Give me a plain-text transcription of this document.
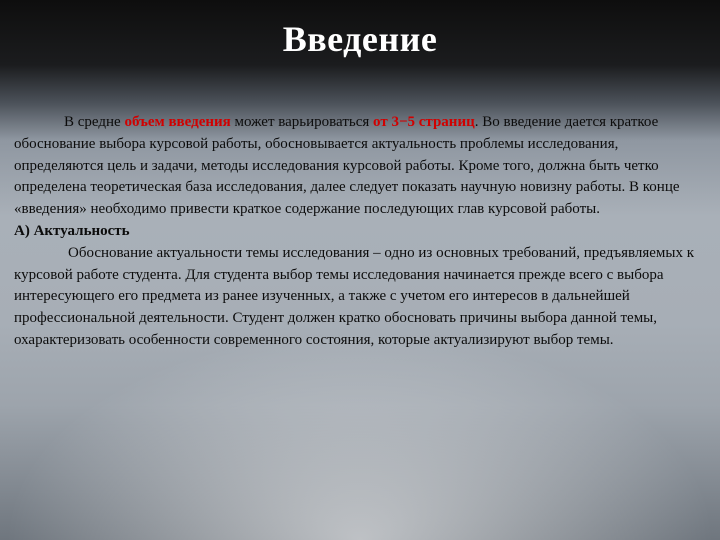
Введение

В средне объем введения может варьироваться от 3−5 страниц. Во введение дается краткое обоснование выбора курсовой работы, обосновывается актуальность проблемы исследования, определяются цель и задачи, методы исследования курсовой работы. Кроме того, должна быть четко определена теоретическая база исследования, далее следует показать научную новизну работы. В конце «введения» необходимо привести краткое содержание последующих глав курсовой работы.

А) Актуальность

Обоснование актуальности темы исследования – одно из основных требований, предъявляемых к курсовой работе студента. Для студента выбор темы исследования начинается прежде всего с выбора интересующего его предмета из ранее изученных, а также с учетом его интересов в дальнейшей профессиональной деятельности. Студент должен кратко обосновать причины выбора данной темы, охарактеризовать особенности современного состояния, которые актуализируют выбор темы.
